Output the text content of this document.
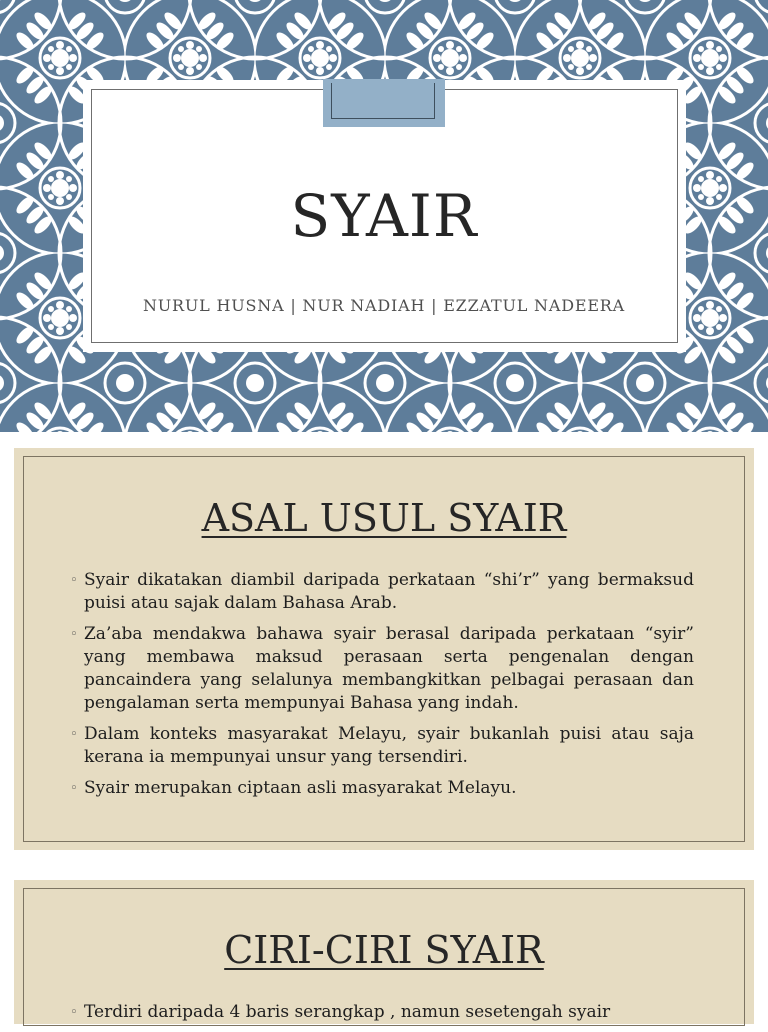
SYAIR
NURUL HUSNA | NUR NADIAH | EZZATUL NADEERA
ASAL USUL SYAIR
◦ Syair dikatakan diambil daripada perkataan “shi’r” yang bermaksud puisi atau sajak dalam Bahasa Arab.
◦ Za’aba mendakwa bahawa syair berasal daripada perkataan “syir” yang membawa maksud perasaan serta pengenalan dengan pancaindera yang selalunya membangkitkan pelbagai perasaan dan pengalaman serta mempunyai Bahasa yang indah.
◦ Dalam konteks masyarakat Melayu, syair bukanlah puisi atau saja kerana ia mempunyai unsur yang tersendiri.
◦ Syair merupakan ciptaan asli masyarakat Melayu.
CIRI-CIRI SYAIR
◦ Terdiri daripada 4 baris serangkap , namun sesetengah syair
